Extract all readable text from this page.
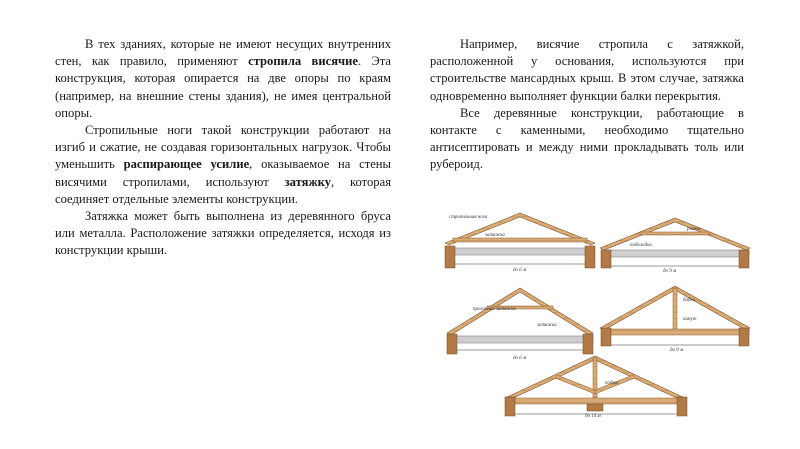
В тех зданиях, которые не имеют несущих внутренних стен, как правило, применяют стропила висячие. Эта конструкция, которая опирается на две опоры по краям (например, на внешние стены здания), не имея центральной опоры.

Стропильные ноги такой конструкции работают на изгиб и сжатие, не создавая горизонтальных нагрузок. Чтобы уменьшить распирающее усилие, оказываемое на стены висячими стропилами, используют затяжку, которая соединяет отдельные элементы конструкции.

Затяжка может быть выполнена из деревянного бруса или металла. Расположение затяжки определяется, исходя из конструкции крыши.

Например, висячие стропила с затяжкой, расположенной у основания, используются при строительстве мансардных крыш. В этом случае, затяжка одновременно выполняет функции балки перекрытия.

Все деревянные конструкции, работающие в контакте с каменными, необходимо тщательно антисептировать и между ними прокладывать толь или рубероид.

стропильная нога
затяжка
до 6 м
ригель
подкладка
до 9 м
прогонная затяжка
затяжка
до 6 м
бабка
хомут
до 9 м
подкос
до 14 м
